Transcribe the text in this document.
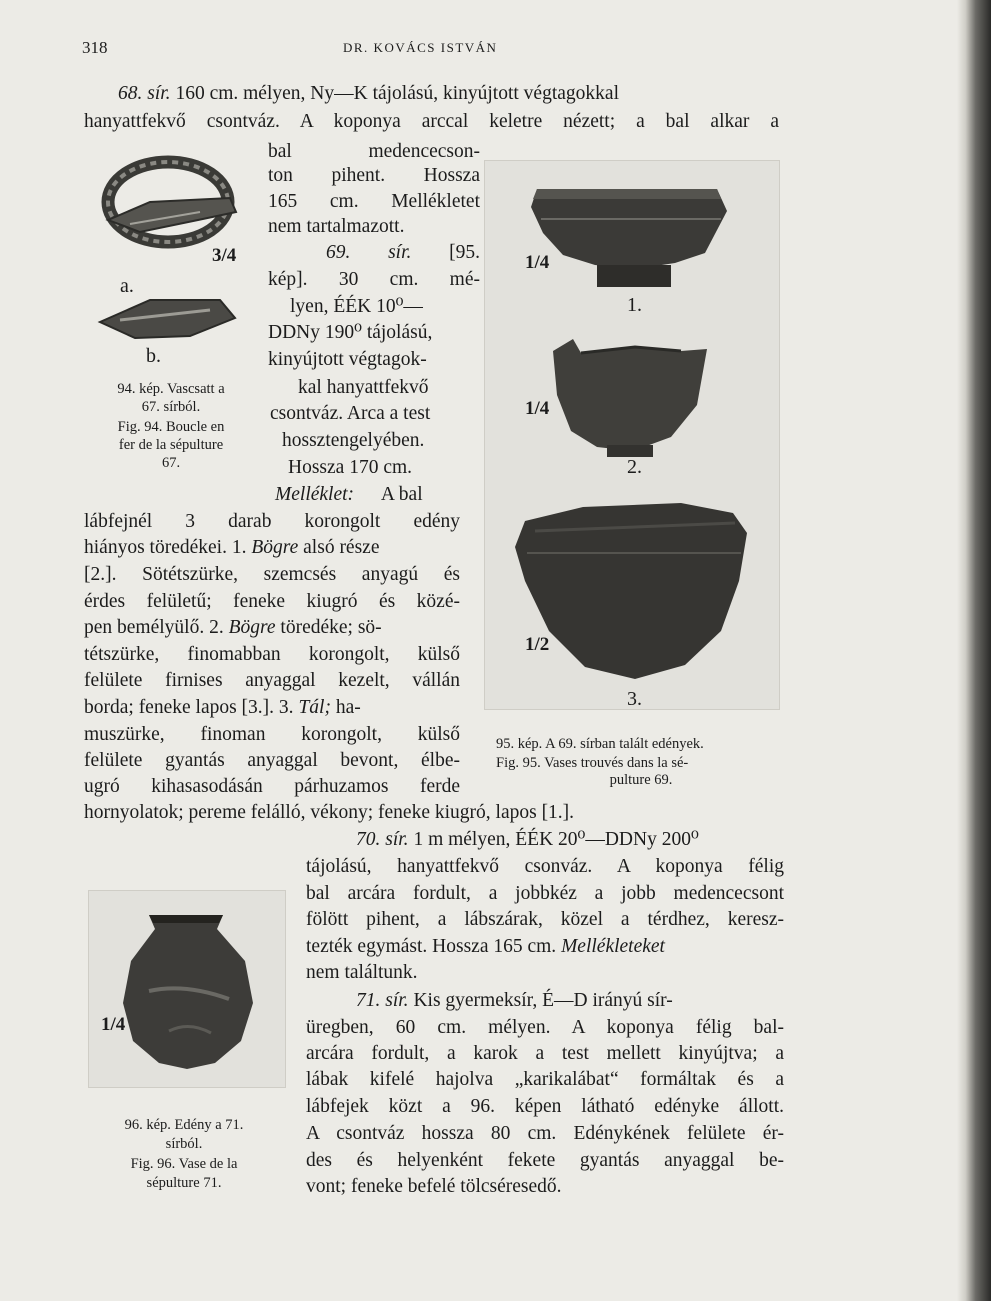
318	DR. KOVÁCS ISTVÁN
68. sír. 160 cm. mélyen, Ny—K tájolású, kinyújtott végtagokkal
hanyattfekvő csontváz. A koponya arccal keletre nézett; a bal alkar a
bal medencecson-
ton pihent. Hossza
165 cm. Mellékletet
nem tartalmazott.
69. sír. [95.
kép]. 30 cm. mé-
lyen, ÉÉK 10⁰—
DDNy 190⁰ tájolású,
kinyújtott végtagok-
kal hanyattfekvő
csontváz. Arca a test
hossztengelyében.
Hossza 170 cm.
Melléklet: A bal
lábfejnél 3 darab korongolt edény
hiányos töredékei. 1. Bögre alsó része
[2.]. Sötétszürke, szemcsés anyagú és
érdes felületű; feneke kiugró és közé-
pen bemélyülő. 2. Bögre töredéke; sö-
tétszürke, finomabban korongolt, külső
felülete firnises anyaggal kezelt, vállán
borda; feneke lapos [3.]. 3. Tál; ha-
muszürke, finoman korongolt, külső
felülete gyantás anyaggal bevont, élbe-
ugró kihasasodásán párhuzamos ferde
hornyolatok; pereme felálló, vékony; feneke kiugró, lapos [1.].
70. sír. 1 m mélyen, ÉÉK 20⁰—DDNy 200⁰
tájolású, hanyattfekvő csonváz. A koponya félig
bal arcára fordult, a jobbkéz a jobb medencecsont
fölött pihent, a lábszárak, közel a térdhez, keresz-
tezték egymást. Hossza 165 cm. Mellékleteket
nem találtunk.
71. sír. Kis gyermeksír, É—D irányú sír-
üregben, 60 cm. mélyen. A koponya félig bal-
arcára fordult, a karok a test mellett kinyújtva; a
lábak kifelé hajolva „karikalábat“ formáltak és a
lábfejek közt a 96. képen látható edényke állott.
A csontváz hossza 80 cm. Edénykének felülete ér-
des és helyenként fekete gyantás anyaggal be-
vont; feneke befelé tölcséresedő.
a.
b.
3/4
94. kép. Vascsatt a
67. sírból.
Fig. 94. Boucle en
fer de la sépulture
67.
1/4
1.
1/4
2.
1/2
3.
95. kép. A 69. sírban talált edények.
Fig. 95. Vases trouvés dans la sé-
pulture 69.
1/4
96. kép. Edény a 71.
sírból.
Fig. 96. Vase de la
sépulture 71.
